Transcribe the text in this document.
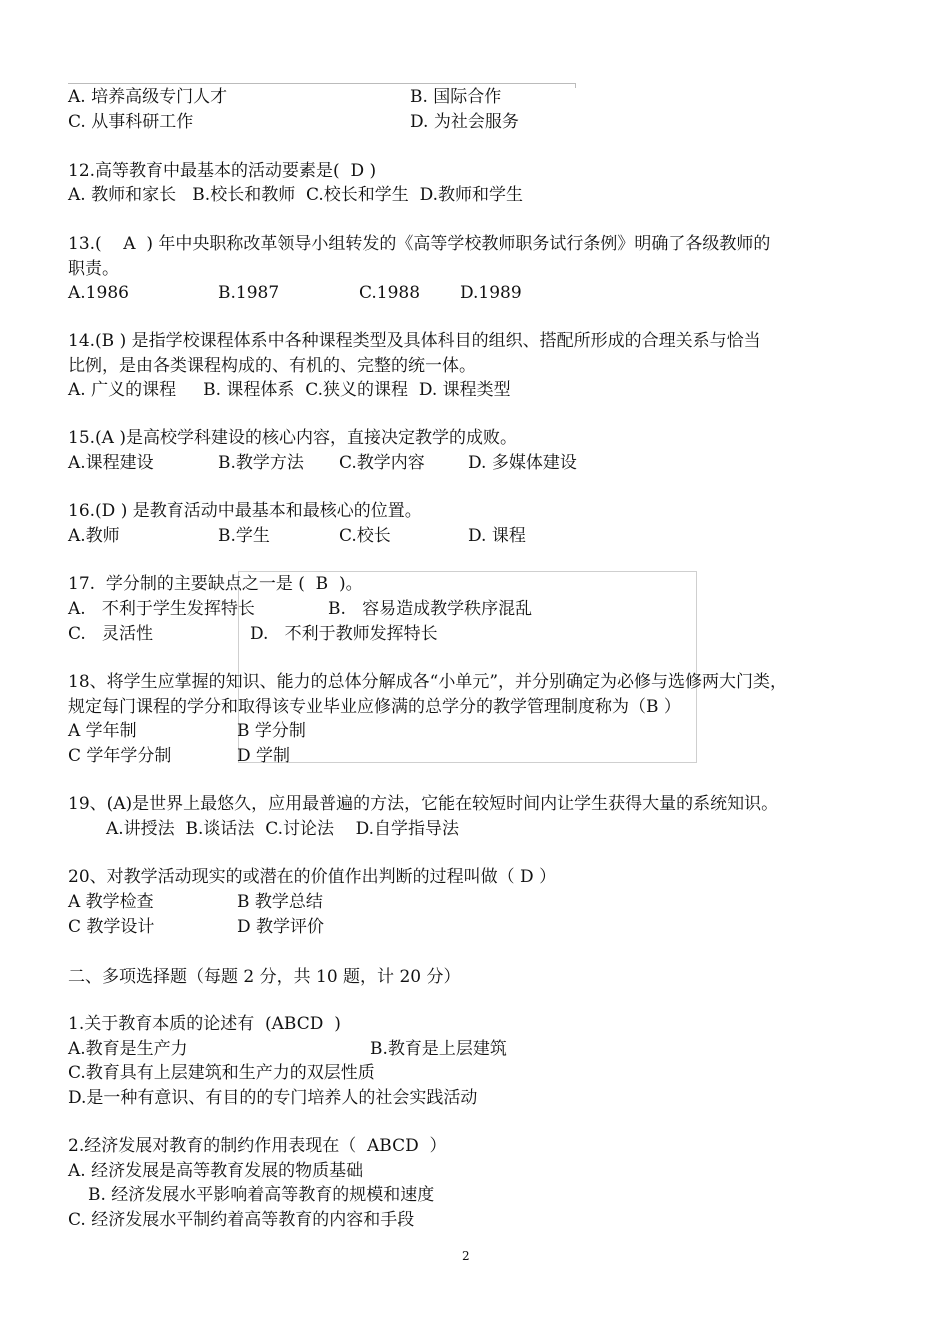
A. 培养高级专门人才	B. 国际合作
C. 从事科研工作	D. 为社会服务
12.高等教育中最基本的活动要素是(  D )
A. 教师和家长   B.校长和教师  C.校长和学生  D.教师和学生
13.(    A  ) 年中央职称改革领导小组转发的《高等学校教师职务试行条例》明确了各级教师的
职责。
A.1986	B.1987	C.1988 D.1989
14.(B ) 是指学校课程体系中各种课程类型及具体科目的组织、搭配所形成的合理关系与恰当
比例，是由各类课程构成的、有机的、完整的统一体。
A. 广义的课程     B. 课程体系  C.狭义的课程  D. 课程类型
15.(A )是高校学科建设的核心内容，直接决定教学的成败。
A.课程建设	B.教学方法 C.教学内容	D. 多媒体建设
16.(D ) 是教育活动中最基本和最核心的位置。
A.教师	B.学生	C.校长	D. 课程
17.  学分制的主要缺点之一是 (  B  )。
A.   不利于学生发挥特长	B.   容易造成教学秩序混乱
C.   灵活性	D.   不利于教师发挥特长
18、将学生应掌握的知识、能力的总体分解成各“小单元”，并分别确定为必修与选修两大门类，
规定每门课程的学分和取得该专业毕业应修满的总学分的教学管理制度称为（B ）
A 学年制	B 学分制
C 学年学分制	D 学制
19、(A)是世界上最悠久，应用最普遍的方法，它能在较短时间内让学生获得大量的系统知识。
A.讲授法  B.谈话法  C.讨论法    D.自学指导法
20、对教学活动现实的或潜在的价值作出判断的过程叫做（ D ）
A 教学检查	B 教学总结
C 教学设计	D 教学评价
二、多项选择题（每题 2 分，共 10 题，计 20 分）
1.关于教育本质的论述有  (ABCD  )
A.教育是生产力	B.教育是上层建筑
C.教育具有上层建筑和生产力的双层性质
D.是一种有意识、有目的的专门培养人的社会实践活动
2.经济发展对教育的制约作用表现在（  ABCD  ）
A. 经济发展是高等教育发展的物质基础
B. 经济发展水平影响着高等教育的规模和速度
C. 经济发展水平制约着高等教育的内容和手段
2
